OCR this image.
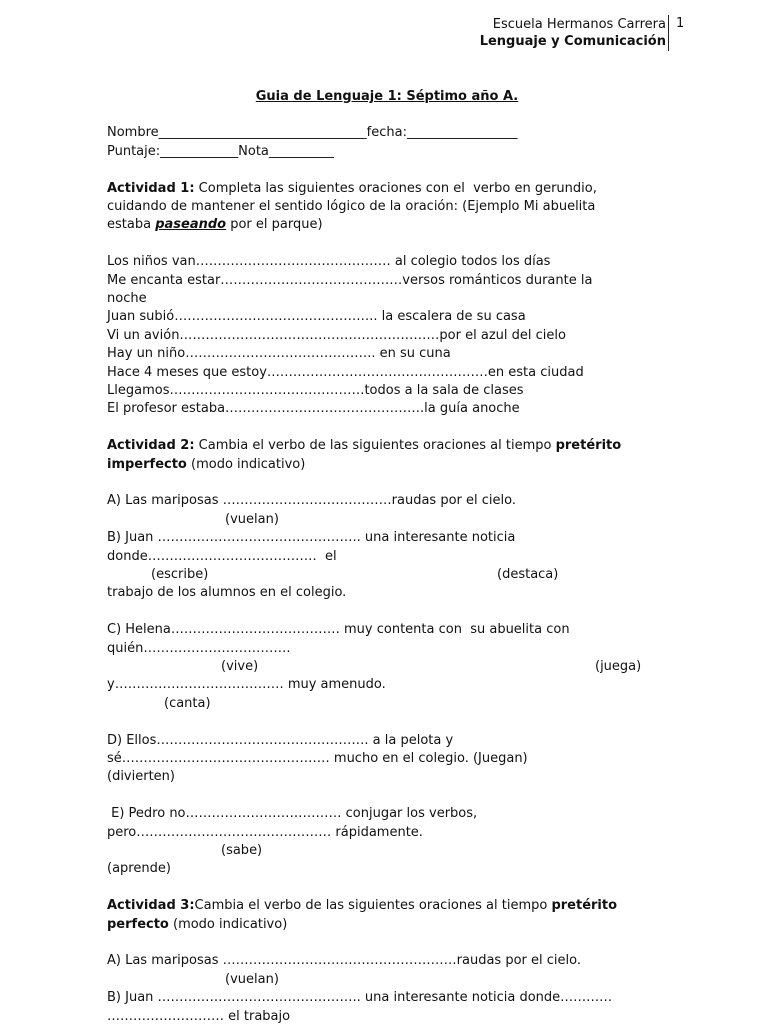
Escuela Hermanos Carrera
Lenguaje y Comunicación
1
Guia de Lenguaje 1: Séptimo año A.
Nombre________________________________fecha:_________________
Puntaje:____________Nota__________
Actividad 1: Completa las siguientes oraciones con el  verbo en gerundio,
cuidando de mantener el sentido lógico de la oración: (Ejemplo Mi abuelita
estaba paseando por el parque)
Los niños van……………………………………… al colegio todos los días
Me encanta estar……………………………………versos románticos durante la
noche
Juan subió……………………………………….. la escalera de su casa
Vi un avión……………………………………………………por el azul del cielo
Hay un niño…………………………………….. en su cuna
Hace 4 meses que estoy……………………………………………en esta ciudad
Llegamos………………………………………todos a la sala de clases
El profesor estaba……………………………………….la guía anoche
Actividad 2: Cambia el verbo de las siguientes oraciones al tiempo pretérito
imperfecto (modo indicativo)
A) Las mariposas …………………………………raudas por el cielo.
(vuelan)
B) Juan ……………………………………….. una interesante noticia
donde…………………………………  el
(escribe)	(destaca)
trabajo de los alumnos en el colegio.
C) Helena………………………………… muy contenta con  su abuelita con
quién…………………………….
(vive)	(juega)
y………………………………… muy amenudo.
(canta)
D) Ellos…………………………………………. a la pelota y
sé………………………………………… mucho en el colegio. (Juegan)
(divierten)
E) Pedro no……………………………… conjugar los verbos,
pero……………………………………… rápidamente.
(sabe)
(aprende)
Actividad 3:Cambia el verbo de las siguientes oraciones al tiempo pretérito
perfecto (modo indicativo)
A) Las mariposas ………………………………………………raudas por el cielo.
(vuelan)
B) Juan ……………………………………….. una interesante noticia donde…………
……………………… el trabajo
